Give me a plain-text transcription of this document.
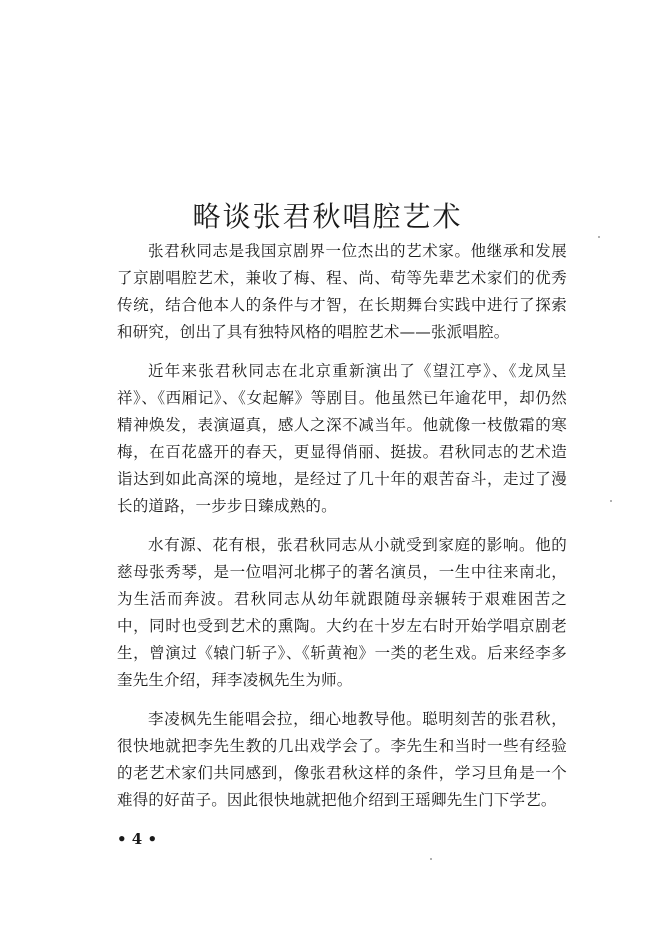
略谈张君秋唱腔艺术

张君秋同志是我国京剧界一位杰出的艺术家。他继承和发展了京剧唱腔艺术，兼收了梅、程、尚、荀等先辈艺术家们的优秀传统，结合他本人的条件与才智，在长期舞台实践中进行了探索和研究，创出了具有独特风格的唱腔艺术——张派唱腔。

近年来张君秋同志在北京重新演出了《望江亭》、《龙凤呈祥》、《西厢记》、《女起解》等剧目。他虽然已年逾花甲，却仍然精神焕发，表演逼真，感人之深不减当年。他就像一枝傲霜的寒梅，在百花盛开的春天，更显得俏丽、挺拔。君秋同志的艺术造诣达到如此高深的境地，是经过了几十年的艰苦奋斗，走过了漫长的道路，一步步日臻成熟的。

水有源、花有根，张君秋同志从小就受到家庭的影响。他的慈母张秀琴，是一位唱河北梆子的著名演员，一生中往来南北，为生活而奔波。君秋同志从幼年就跟随母亲辗转于艰难困苦之中，同时也受到艺术的熏陶。大约在十岁左右时开始学唱京剧老生，曾演过《辕门斩子》、《斩黄袍》一类的老生戏。后来经李多奎先生介绍，拜李凌枫先生为师。

李凌枫先生能唱会拉，细心地教导他。聪明刻苦的张君秋，很快地就把李先生教的几出戏学会了。李先生和当时一些有经验的老艺术家们共同感到，像张君秋这样的条件，学习旦角是一个难得的好苗子。因此很快地就把他介绍到王瑶卿先生门下学艺。

• 4 •
